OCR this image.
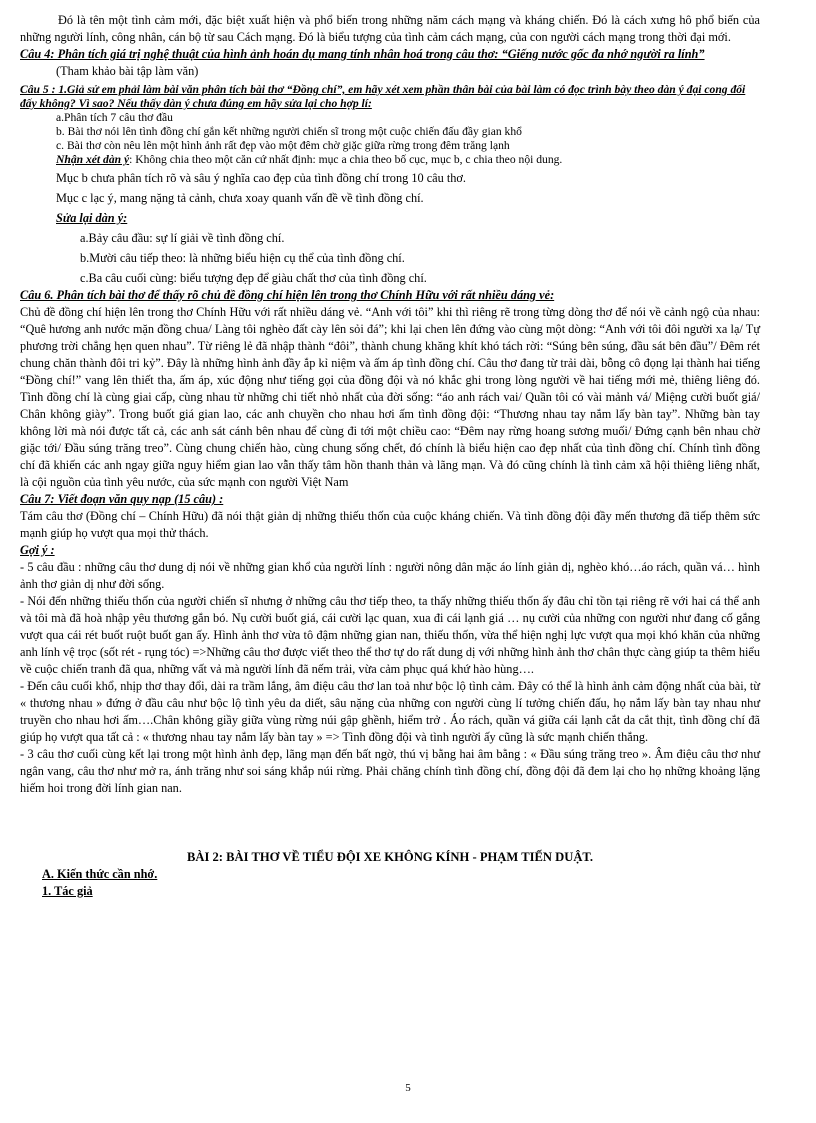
Đó là tên một tình cảm mới, đặc biệt xuất hiện và phổ biến trong những năm cách mạng và kháng chiến. Đó là cách xưng hô phổ biến của những người lính, công nhân, cán bộ từ sau Cách mạng. Đó là biểu tượng của tình cảm cách mạng, của con người cách mạng trong thời đại mới.

Câu 4: Phân tích giá trị nghệ thuật của hình ảnh hoán dụ mang tính nhân hoá trong câu thơ: “Giếng nước gốc đa nhớ người ra lính”

(Tham khảo bài tập làm văn)

Câu 5 : 1.Giả sử em phải làm bài văn phân tích bài thơ “Đồng chí”, em hãy xét xem phần thân bài của bài làm có đọc trình bày theo dàn ý đại cong đối đấy không? Vì sao? Nếu thấy dàn ý chưa đúng em hãy sửa lại cho hợp lí:

a.Phân tích 7 câu thơ đầu

b. Bài thơ nói lên tình đồng chí gắn kết những người chiến sĩ trong một cuộc chiến đấu đầy gian khổ

c. Bài thơ còn nêu lên một hình ảnh rất đẹp vào một đêm chờ giặc giữa rừng trong đêm trăng lạnh

Nhận xét dàn ý: Không chia theo một căn cứ nhất định: mục a chia theo bố cục, mục b, c chia theo nội dung.

Mục b chưa phân tích rõ và sâu ý nghĩa cao đẹp của tình đồng chí trong 10 câu thơ.

Mục c lạc ý, mang nặng tả cảnh, chưa xoay quanh vấn đề về tình đồng chí.

Sửa lại dàn ý:

a.Bảy câu đầu: sự lí giải về tình đồng chí.

b.Mười câu tiếp theo: là những biểu hiện cụ thể của tình đồng chí.

c.Ba câu cuối cùng: biểu tượng đẹp để giàu chất thơ của tình đồng chí.

Câu 6. Phân tích bài thơ để thấy rõ chủ đề đồng chí hiện lên trong thơ Chính Hữu với rất nhiều dáng vẻ:

Chủ đề đồng chí hiện lên trong thơ Chính Hữu với rất nhiều dáng vẻ. “Anh với tôi” khi thì riêng rẽ trong từng dòng thơ để nói về cảnh ngộ của nhau: “Quê hương anh nước mặn đồng chua/ Làng tôi nghèo đất cày lên sỏi đá”; khi lại chen lên đứng vào cùng một dòng: “Anh với tôi đôi người xa lạ/ Tự phương trời chẳng hẹn quen nhau”. Từ riêng lẻ đã nhập thành “đôi”, thành chung khăng khít khó tách rời: “Súng bên súng, đầu sát bên đầu”/ Đêm rét chung chăn thành đôi tri kỷ”. Đây là những hình ảnh đầy ắp kỉ niệm và ấm áp tình đồng chí. Câu thơ đang từ trải dài, bỗng cô đọng lại thành hai tiếng “Đồng chí!” vang lên thiết tha, ấm áp, xúc động như tiếng gọi của đồng đội và nó khắc ghi trong lòng người về hai tiếng mới mẻ, thiêng liêng đó. Tình đồng chí là cùng giai cấp, cùng nhau từ những chi tiết nhỏ nhất của đời sống: “áo anh rách vai/ Quần tôi có vài mảnh vá/ Miệng cười buốt giá/ Chân không giày”. Trong buốt giá gian lao, các anh chuyền cho nhau hơi ấm tình đồng đội: “Thương nhau tay nắm lấy bàn tay”. Những bàn tay không lời mà nói được tất cả, các anh sát cánh bên nhau để cùng đi tới một chiều cao: “Đêm nay rừng hoang sương muối/ Đứng cạnh bên nhau chờ giặc tới/ Đầu súng trăng treo”. Cùng chung chiến hào, cùng chung sống chết, đó chính là biểu hiện cao đẹp nhất của tình đồng chí. Chính tình đồng chí đã khiến các anh ngay giữa nguy hiểm gian lao vẫn thấy tâm hồn thanh thản và lãng mạn. Và đó cũng chính là tình cảm xã hội thiêng liêng nhất, là cội nguồn của tình yêu nước, của sức mạnh con người Việt Nam

Câu 7: Viết đoạn văn quy nạp (15 câu) :

Tám câu thơ (Đồng chí – Chính Hữu) đã nói thật giản dị những thiếu thốn của cuộc kháng chiến. Và tình đồng đội đầy mến thương đã tiếp thêm sức mạnh giúp họ vượt qua mọi thử thách.

Gợi ý :

- 5 câu đầu : những câu thơ dung dị nói về những gian khổ của người lính : người nông dân mặc áo lính giản dị, nghèo khó…áo rách, quần vá… hình ảnh thơ giản dị như đời sống.

- Nói đến những thiếu thốn của người chiến sĩ nhưng ở những câu thơ tiếp theo, ta thấy những thiếu thốn ấy đâu chỉ tồn tại riêng rẽ với hai cá thể anh và tôi mà đã hoà nhập yêu thương gắn bó. Nụ cười buốt giá, cái cười lạc quan, xua đi cái lạnh giá … nụ cười của những con người như đang cố gắng vượt qua cái rét buốt ruột buốt gan ấy. Hình ảnh thơ vừa tô đậm những gian nan, thiếu thốn, vừa thể hiện nghị lực vượt qua mọi khó khăn của những anh lính vệ trọc (sốt rét - rụng tóc) =>Những câu thơ được viết theo thể thơ tự do rất dung dị với những hình ảnh thơ chân thực càng giúp ta thêm hiểu về cuộc chiến tranh đã qua, những vất vả mà người lính đã nếm trải, vừa cảm phục quá khứ hào hùng….

- Đến câu cuối khổ, nhịp thơ thay đổi, dài ra trầm lắng, âm điệu câu thơ lan toả như bộc lộ tình cảm. Đây có thể là hình ảnh cảm động nhất của bài, từ « thương nhau » đứng ở đầu câu như bộc lộ tình yêu da diết, sâu nặng của những con người cùng lí tưởng chiến đấu, họ nắm lấy bàn tay nhau như truyền cho nhau hơi ấm….Chân không giầy giữa vùng rừng núi gập ghềnh, hiểm trở . Áo rách, quần vá giữa cái lạnh cắt da cắt thịt, tình đồng chí đã giúp họ vượt qua tất cả : « thương nhau tay nắm lấy bàn tay » => Tình đồng đội và tình người ấy cũng là sức mạnh chiến thắng.

- 3 câu thơ cuối cùng kết lại trong một hình ảnh đẹp, lãng mạn đến bất ngờ, thú vị bằng hai âm bằng : « Đầu súng trăng treo ». Âm điệu câu thơ như ngân vang, câu thơ như mở ra, ánh trăng như soi sáng khắp núi rừng. Phải chăng chính tình đồng chí, đồng đội đã đem lại cho họ những khoảng lặng hiếm hoi trong đời lính gian nan.

BÀI 2: BÀI THƠ VỀ TIỂU ĐỘI XE KHÔNG KÍNH - PHẠM TIẾN DUẬT.

A. Kiến thức cần nhớ.

1. Tác giả

5
